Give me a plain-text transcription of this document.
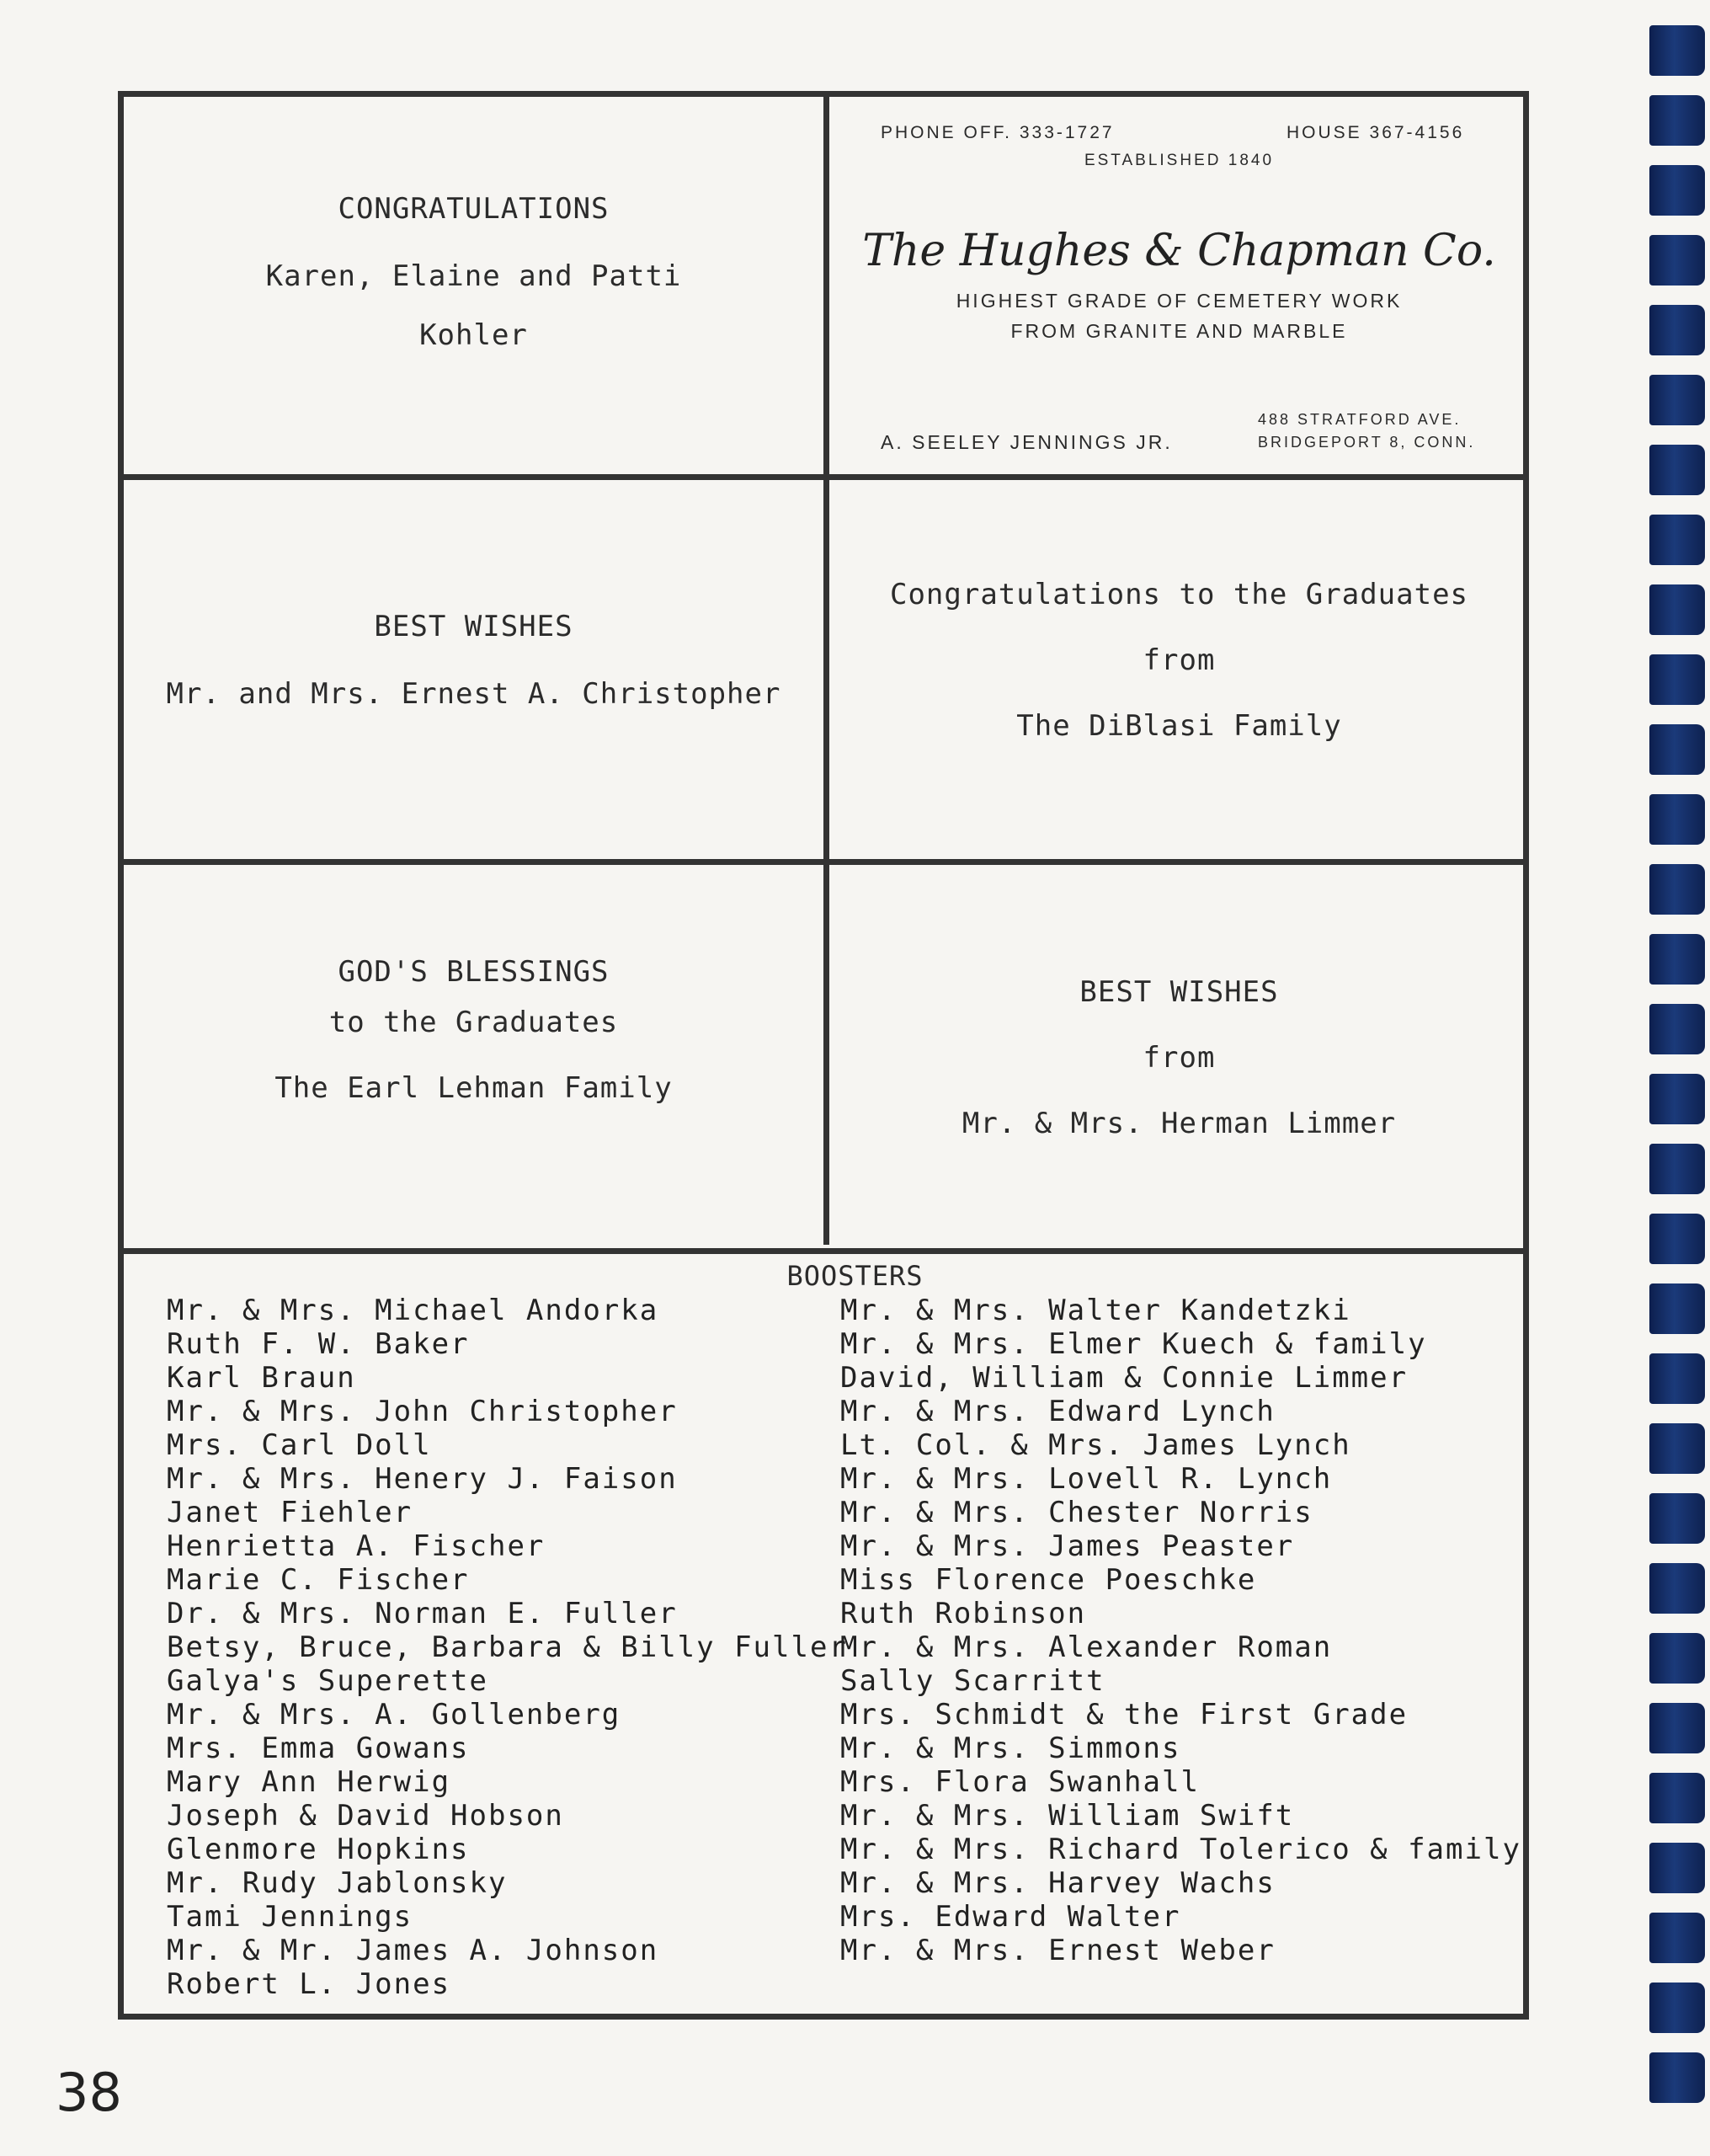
CONGRATULATIONS

Karen, Elaine and Patti

Kohler

PHONE OFF. 333-1727	HOUSE 367-4156
ESTABLISHED 1840
The Hughes & Chapman Co.
HIGHEST GRADE OF CEMETERY WORK
FROM GRANITE AND MARBLE
A. SEELEY JENNINGS JR.
488 STRATFORD AVE.
BRIDGEPORT 8, CONN.

BEST WISHES

Mr. and Mrs. Ernest A. Christopher

Congratulations to the Graduates

from

The DiBlasi Family

GOD'S BLESSINGS

to the Graduates

The Earl Lehman Family

BEST WISHES

from

Mr. & Mrs. Herman Limmer

BOOSTERS
Mr. & Mrs. Michael Andorka
Ruth F. W. Baker
Karl Braun
Mr. & Mrs. John Christopher
Mrs. Carl Doll
Mr. & Mrs. Henery J. Faison
Janet Fiehler
Henrietta A. Fischer
Marie C. Fischer
Dr. & Mrs. Norman E. Fuller
Betsy, Bruce, Barbara & Billy Fuller
Galya's Superette
Mr. & Mrs. A. Gollenberg
Mrs. Emma Gowans
Mary Ann Herwig
Joseph & David Hobson
Glenmore Hopkins
Mr. Rudy Jablonsky
Tami Jennings
Mr. & Mr. James A. Johnson
Robert L. Jones
Mr. & Mrs. Walter Kandetzki
Mr. & Mrs. Elmer Kuech & family
David, William & Connie Limmer
Mr. & Mrs. Edward Lynch
Lt. Col. & Mrs. James Lynch
Mr. & Mrs. Lovell R. Lynch
Mr. & Mrs. Chester Norris
Mr. & Mrs. James Peaster
Miss Florence Poeschke
Ruth Robinson
Mr. & Mrs. Alexander Roman
Sally Scarritt
Mrs. Schmidt & the First Grade
Mr. & Mrs. Simmons
Mrs. Flora Swanhall
Mr. & Mrs. William Swift
Mr. & Mrs. Richard Tolerico & family
Mr. & Mrs. Harvey Wachs
Mrs. Edward Walter
Mr. & Mrs. Ernest Weber
38
